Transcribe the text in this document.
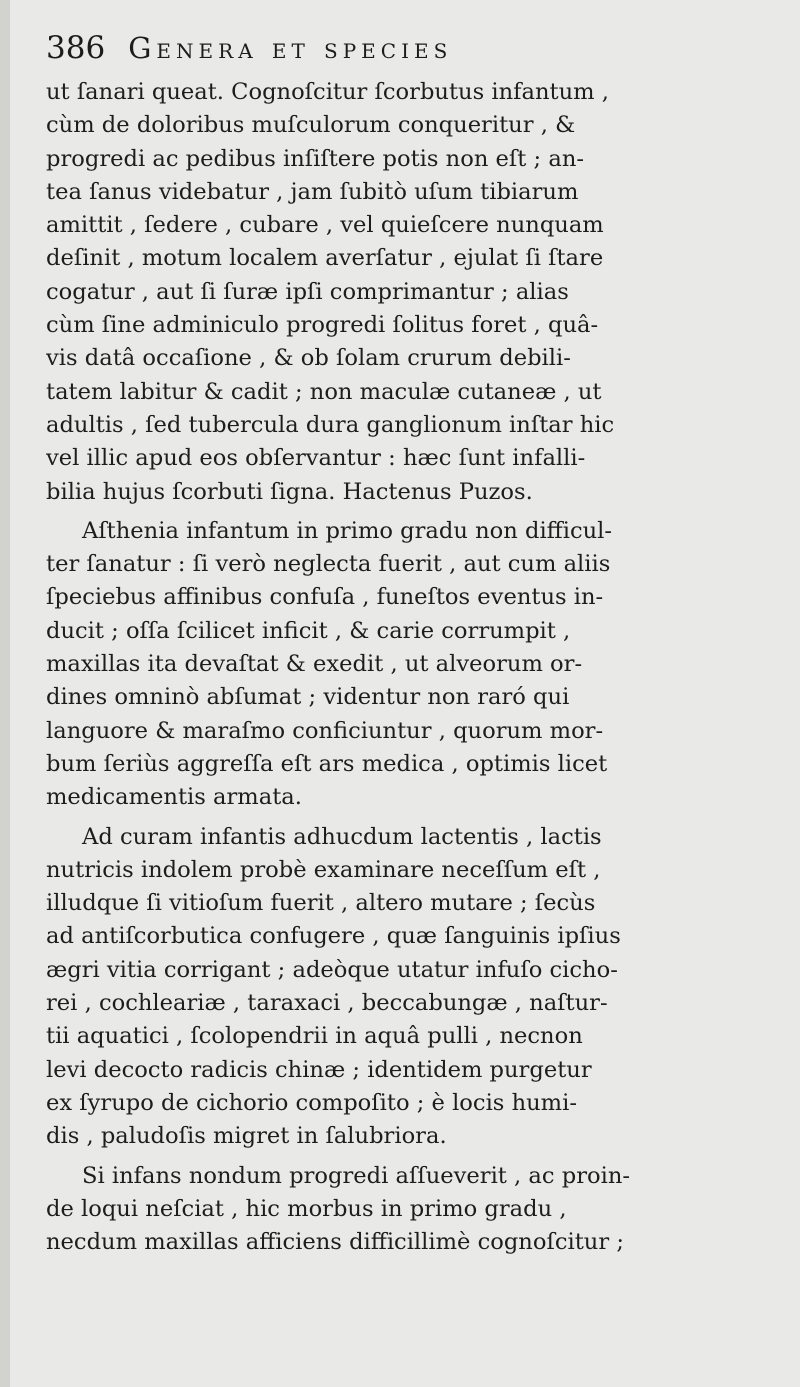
386 Genera et species
ut ſanari queat. Cognoſcitur ſcorbutus infantum ,
cùm de doloribus muſculorum conqueritur , &
progredi ac pedibus inſiſtere potis non eſt ; an-
tea ſanus videbatur , jam ſubitò uſum tibiarum
amittit , ſedere , cubare , vel quieſcere nunquam
deſinit , motum localem averſatur , ejulat ſi ſtare
cogatur , aut ſi ſuræ ipſi comprimantur ; alias
cùm ſine adminiculo progredi ſolitus foret , quâ-
vis datâ occaſione , & ob ſolam crurum debili-
tatem labitur & cadit ; non maculæ cutaneæ , ut
adultis , ſed tubercula dura ganglionum inſtar hic
vel illic apud eos obſervantur : hæc ſunt infalli-
bilia hujus ſcorbuti ſigna. Hactenus Puzos.
Aſthenia infantum in primo gradu non difficul-
ter ſanatur : ſi verò neglecta fuerit , aut cum aliis
ſpeciebus affinibus confuſa , funeſtos eventus in-
ducit ; oſſa ſcilicet inficit , & carie corrumpit ,
maxillas ita devaſtat & exedit , ut alveorum or-
dines omninò abſumat ; videntur non raró qui
languore & maraſmo conficiuntur , quorum mor-
bum ſeriùs aggreſſa eſt ars medica , optimis licet
medicamentis armata.
Ad curam infantis adhucdum lactentis , lactis
nutricis indolem probè examinare neceſſum eſt ,
illudque ſi vitioſum fuerit , altero mutare ; ſecùs
ad antiſcorbutica confugere , quæ ſanguinis ipſius
ægri vitia corrigant ; adeòque utatur infuſo cicho-
rei , cochleariæ , taraxaci , beccabungæ , naſtur-
tii aquatici , ſcolopendrii in aquâ pulli , necnon
levi decocto radicis chinæ ; identidem purgetur
ex ſyrupo de cichorio compoſito ; è locis humi-
dis , paludoſis migret in ſalubriora.
Si infans nondum progredi aſſueverit , ac proin-
de loqui neſciat , hic morbus in primo gradu ,
necdum maxillas afficiens difficillimè cognoſcitur ;
